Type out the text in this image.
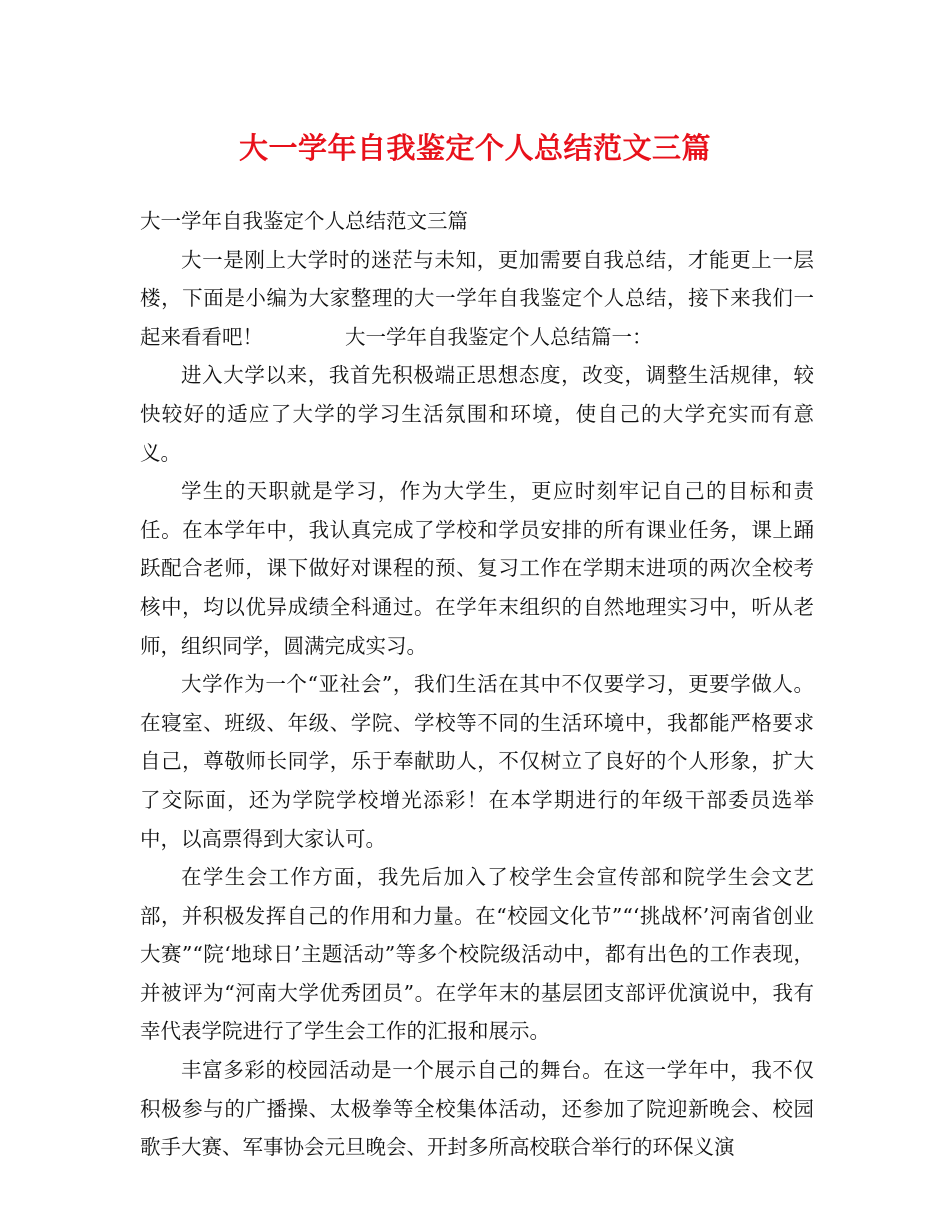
大一学年自我鉴定个人总结范文三篇

大一学年自我鉴定个人总结范文三篇

大一是刚上大学时的迷茫与未知，更加需要自我总结，才能更上一层楼，下面是小编为大家整理的大一学年自我鉴定个人总结，接下来我们一起来看看吧！	大一学年自我鉴定个人总结篇一：

进入大学以来，我首先积极端正思想态度，改变，调整生活规律，较快较好的适应了大学的学习生活氛围和环境，使自己的大学充实而有意义。

学生的天职就是学习，作为大学生，更应时刻牢记自己的目标和责任。在本学年中，我认真完成了学校和学员安排的所有课业任务，课上踊跃配合老师，课下做好对课程的预、复习工作在学期末进项的两次全校考核中，均以优异成绩全科通过。在学年末组织的自然地理实习中，听从老师，组织同学，圆满完成实习。

大学作为一个“亚社会”，我们生活在其中不仅要学习，更要学做人。在寝室、班级、年级、学院、学校等不同的生活环境中，我都能严格要求自己，尊敬师长同学，乐于奉献助人，不仅树立了良好的个人形象，扩大了交际面，还为学院学校增光添彩！在本学期进行的年级干部委员选举中，以高票得到大家认可。

在学生会工作方面，我先后加入了校学生会宣传部和院学生会文艺部，并积极发挥自己的作用和力量。在“校园文化节”“‘挑战杯’河南省创业大赛”“院‘地球日’主题活动”等多个校院级活动中，都有出色的工作表现，并被评为“河南大学优秀团员”。在学年末的基层团支部评优演说中，我有幸代表学院进行了学生会工作的汇报和展示。

丰富多彩的校园活动是一个展示自己的舞台。在这一学年中，我不仅积极参与的广播操、太极拳等全校集体活动，还参加了院迎新晚会、校园歌手大赛、军事协会元旦晚会、开封多所高校联合举行的环保义演
